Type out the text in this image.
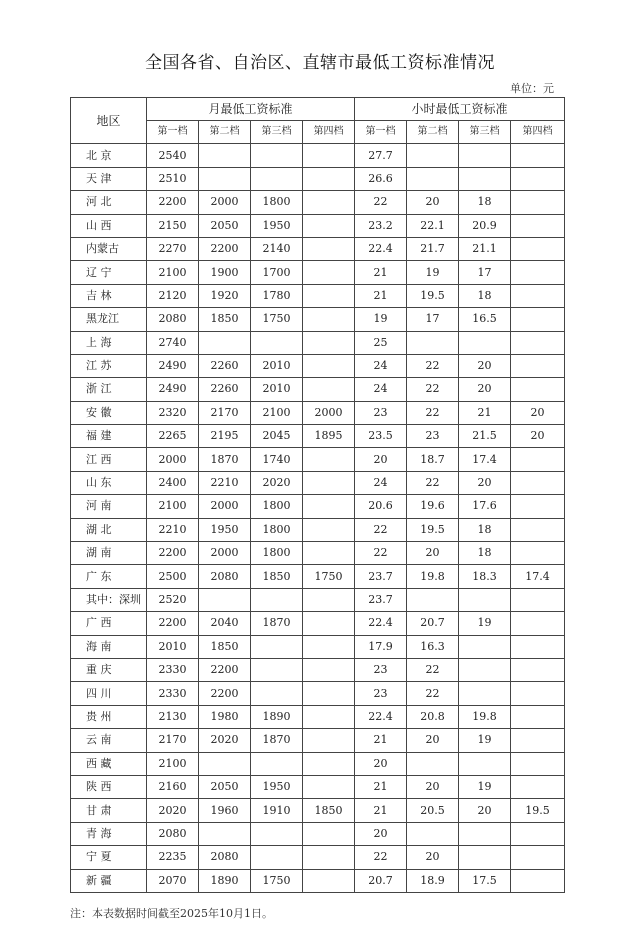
全国各省、自治区、直辖市最低工资标准情况
单位：元
地区	月最低工资标准				小时最低工资标准			
	第一档	第二档	第三档	第四档	第一档	第二档	第三档	第四档
北 京	2540				27.7			
天 津	2510				26.6			
河 北	2200	2000	1800		22	20	18	
山 西	2150	2050	1950		23.2	22.1	20.9	
内蒙古	2270	2200	2140		22.4	21.7	21.1	
辽 宁	2100	1900	1700		21	19	17	
吉 林	2120	1920	1780		21	19.5	18	
黑龙江	2080	1850	1750		19	17	16.5	
上 海	2740				25			
江 苏	2490	2260	2010		24	22	20	
浙 江	2490	2260	2010		24	22	20	
安 徽	2320	2170	2100	2000	23	22	21	20
福 建	2265	2195	2045	1895	23.5	23	21.5	20
江 西	2000	1870	1740		20	18.7	17.4	
山 东	2400	2210	2020		24	22	20	
河 南	2100	2000	1800		20.6	19.6	17.6	
湖 北	2210	1950	1800		22	19.5	18	
湖 南	2200	2000	1800		22	20	18	
广 东	2500	2080	1850	1750	23.7	19.8	18.3	17.4
其中：深圳	2520				23.7			
广 西	2200	2040	1870		22.4	20.7	19	
海 南	2010	1850			17.9	16.3		
重 庆	2330	2200			23	22		
四 川	2330	2200			23	22		
贵 州	2130	1980	1890		22.4	20.8	19.8	
云 南	2170	2020	1870		21	20	19	
西 藏	2100				20			
陕 西	2160	2050	1950		21	20	19	
甘 肃	2020	1960	1910	1850	21	20.5	20	19.5
青 海	2080				20			
宁 夏	2235	2080			22	20		
新 疆	2070	1890	1750		20.7	18.9	17.5	
注：本表数据时间截至2025年10月1日。
